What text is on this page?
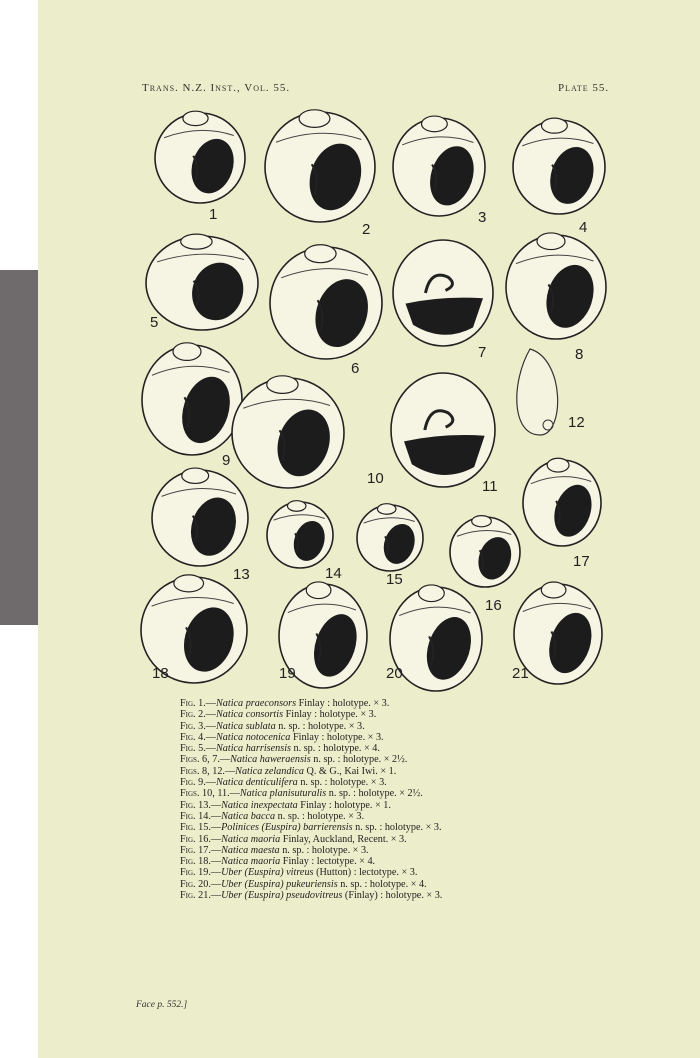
Trans. N.Z. Inst., Vol. 55.	Plate 55.
1
2
3
4
5
6
7	8
9
10	11
12
13	14	15
16
17
18	19	20	21
Fig. 1.—Natica praeconsors Finlay : holotype. × 3.
Fig. 2.—Natica consortis Finlay : holotype. × 3.
Fig. 3.—Natica sublata n. sp. : holotype. × 3.
Fig. 4.—Natica notocenica Finlay : holotype. × 3.
Fig. 5.—Natica harrisensis n. sp. : holotype. × 4.
Figs. 6, 7.—Natica haweraensis n. sp. : holotype. × 2½.
Figs. 8, 12.—Natica zelandica Q. & G., Kai Iwi. × 1.
Fig. 9.—Natica denticulifera n. sp. : holotype. × 3.
Figs. 10, 11.—Natica planisuturalis n. sp. : holotype. × 2½.
Fig. 13.—Natica inexpectata Finlay : holotype. × 1.
Fig. 14.—Natica bacca n. sp. : holotype. × 3.
Fig. 15.—Polinices (Euspira) barrierensis n. sp. : holotype. × 3.
Fig. 16.—Natica maoria Finlay, Auckland, Recent. × 3.
Fig. 17.—Natica maesta n. sp. : holotype. × 3.
Fig. 18.—Natica maoria Finlay : lectotype. × 4.
Fig. 19.—Uber (Euspira) vitreus (Hutton) : lectotype. × 3.
Fig. 20.—Uber (Euspira) pukeuriensis n. sp. : holotype. × 4.
Fig. 21.—Uber (Euspira) pseudovitreus (Finlay) : holotype. × 3.
Face p. 552.]
